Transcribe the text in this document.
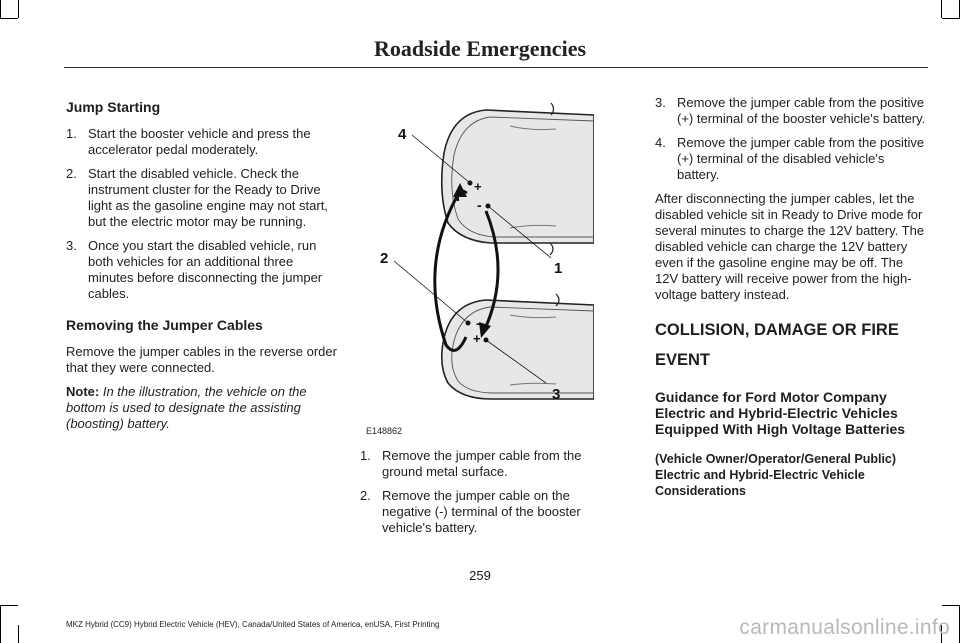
Roadside Emergencies
Jump Starting
1. Start the booster vehicle and press the accelerator pedal moderately.
2. Start the disabled vehicle. Check the instrument cluster for the Ready to Drive light as the gasoline engine may not start, but the electric motor may be running.
3. Once you start the disabled vehicle, run both vehicles for an additional three minutes before disconnecting the jumper cables.
Removing the Jumper Cables

Remove the jumper cables in the reverse order that they were connected.

Note: In the illustration, the vehicle on the bottom is used to designate the assisting (boosting) battery.

+
-
-
+
4
1
2
3
E148862
1. Remove the jumper cable from the ground metal surface.
2. Remove the jumper cable on the negative (-) terminal of the booster vehicle's battery.
3. Remove the jumper cable from the positive (+) terminal of the booster vehicle's battery.
4. Remove the jumper cable from the positive (+) terminal of the disabled vehicle's battery.

After disconnecting the jumper cables, let the disabled vehicle sit in Ready to Drive mode for several minutes to charge the 12V battery. The disabled vehicle can charge the 12V battery even if the gasoline engine may be off. The 12V battery will receive power from the high-voltage battery instead.

COLLISION, DAMAGE OR FIRE
EVENT
Guidance for Ford Motor Company Electric and Hybrid-Electric Vehicles Equipped With High Voltage Batteries
(Vehicle Owner/Operator/General Public) Electric and Hybrid-Electric Vehicle Considerations
259
MKZ Hybrid (CC9) Hybrid Electric Vehicle (HEV), Canada/United States of America, enUSA, First Printing	carmanualsonline.info
